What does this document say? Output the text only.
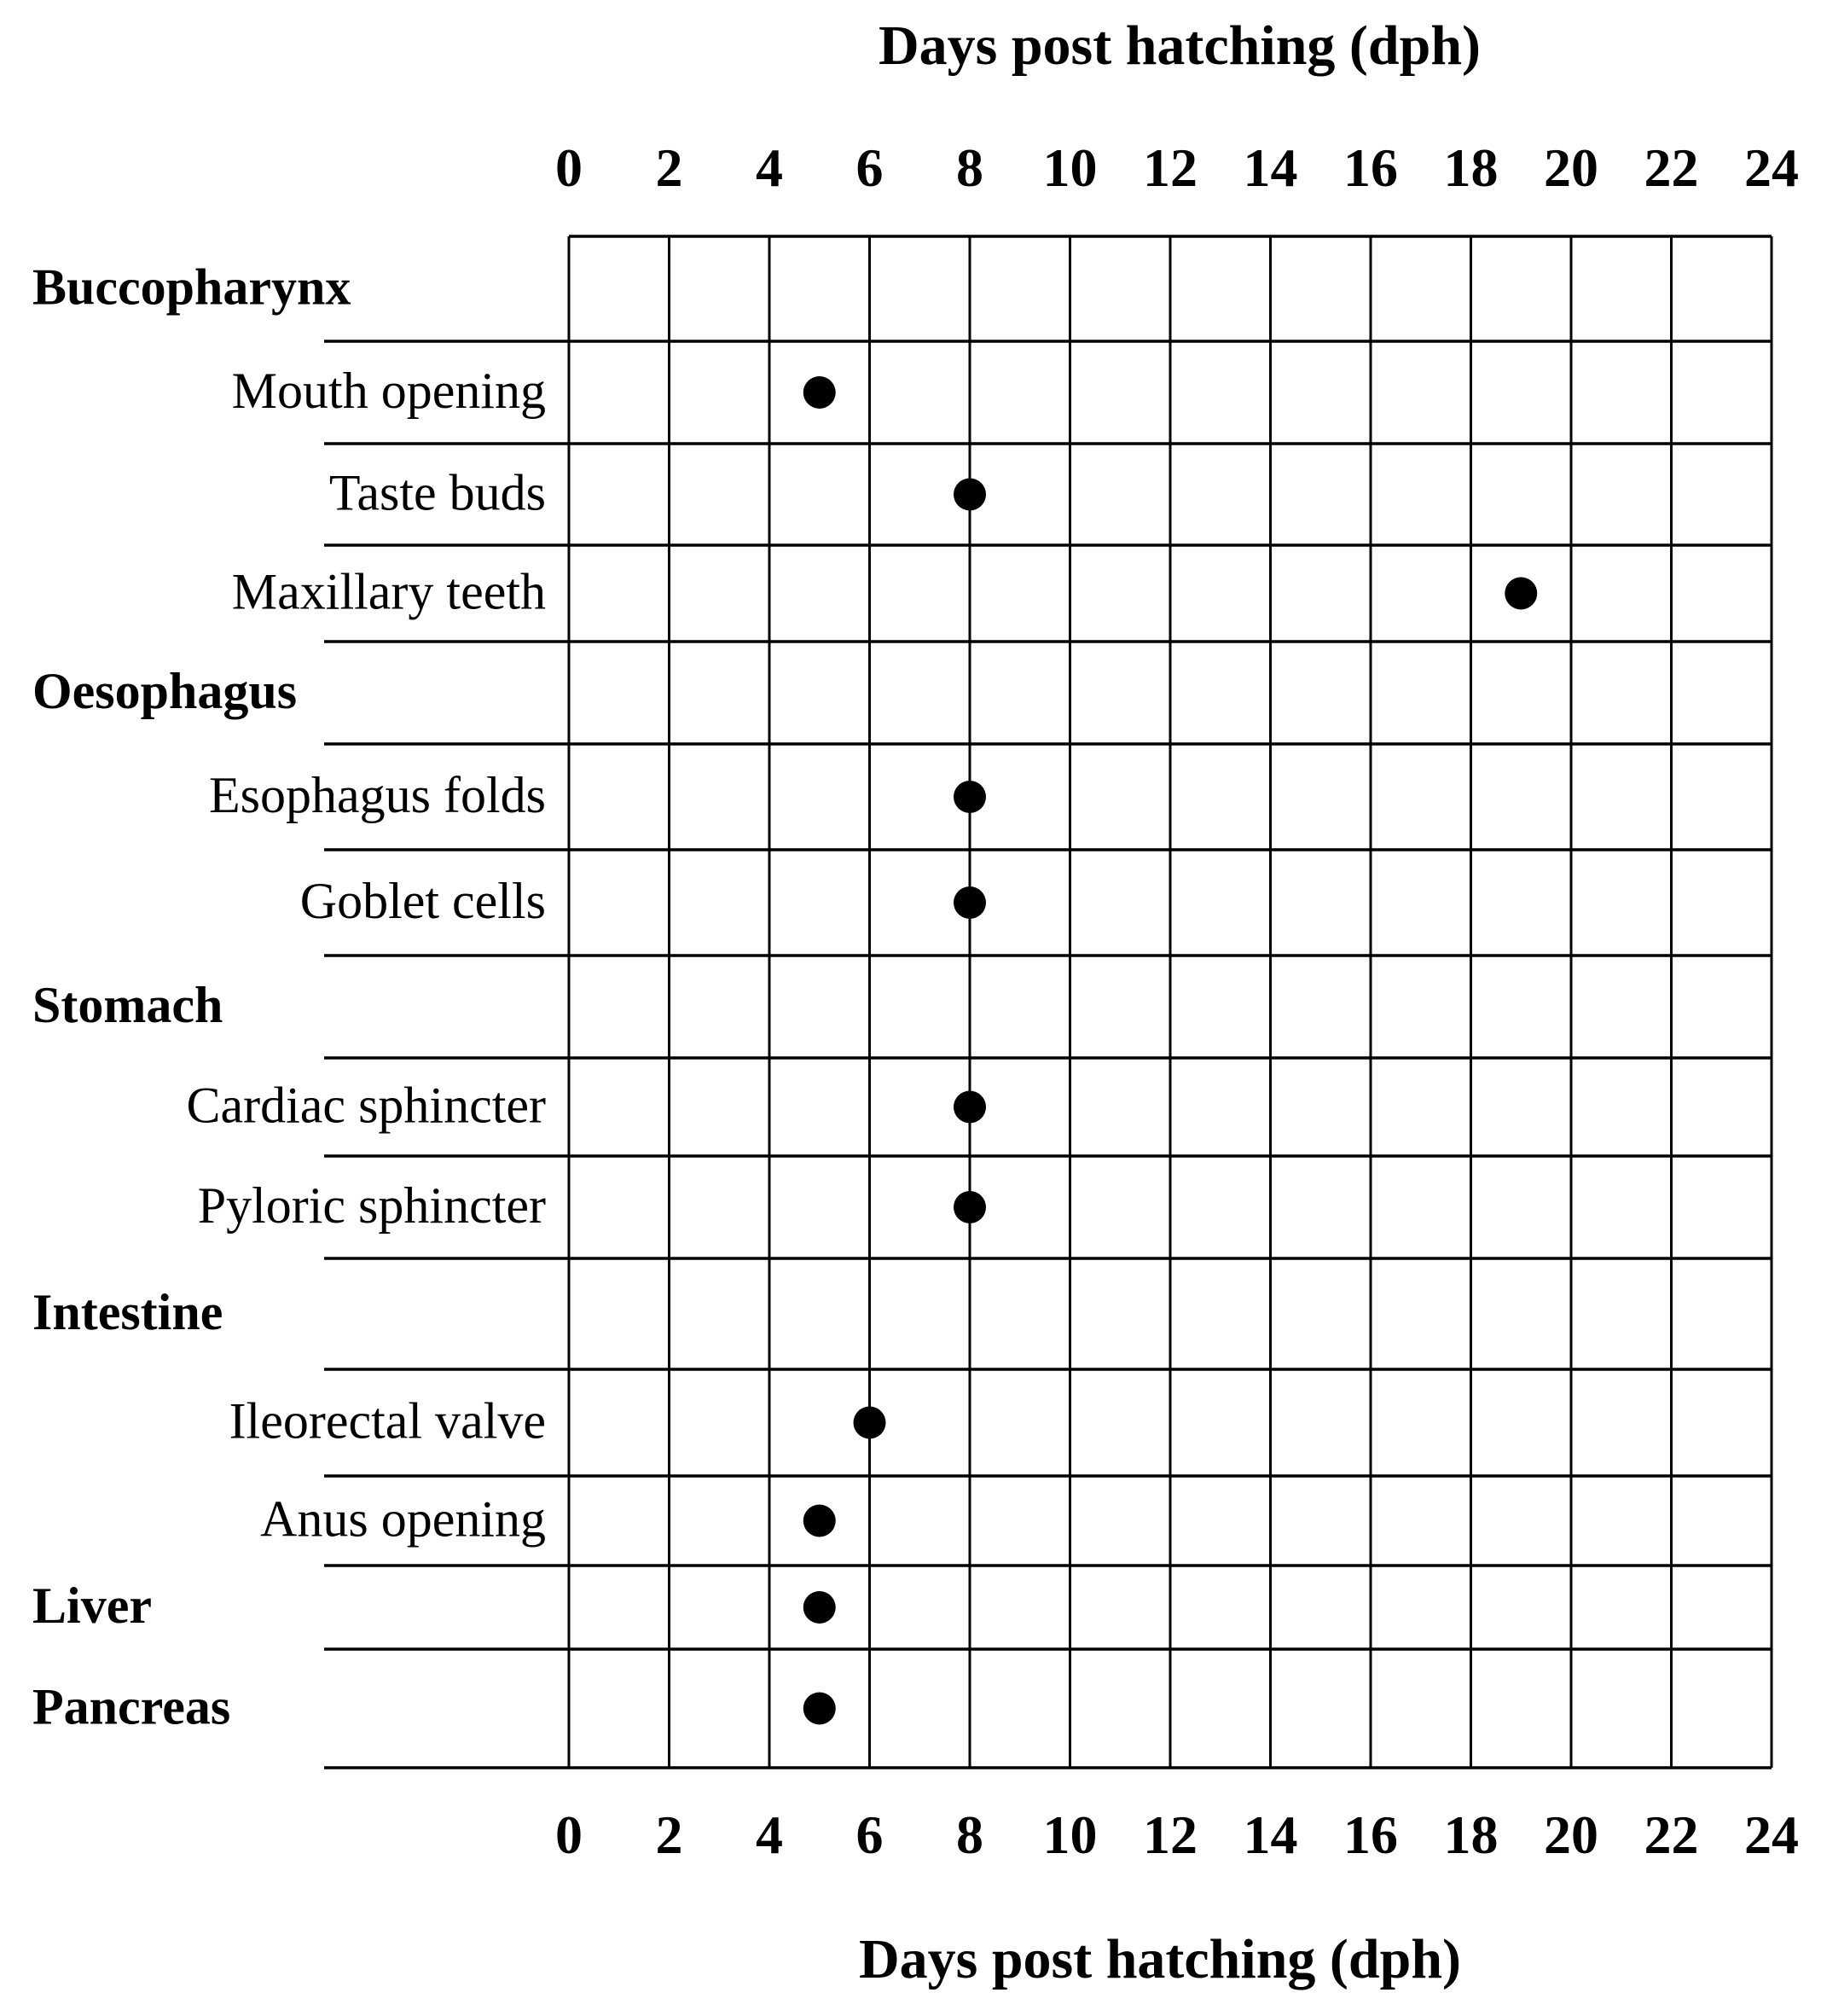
Days post hatching (dph)
0 2 4 6 8 10 12 14 16 18 20 22 24
Buccopharynx
Mouth opening
Taste buds
Maxillary teeth
Oesophagus
Esophagus folds
Goblet cells
Stomach
Cardiac sphincter
Pyloric sphincter
Intestine
Ileorectal valve
Anus opening
Liver
Pancreas
0 2 4 6 8 10 12 14 16 18 20 22 24
Days post hatching (dph)
